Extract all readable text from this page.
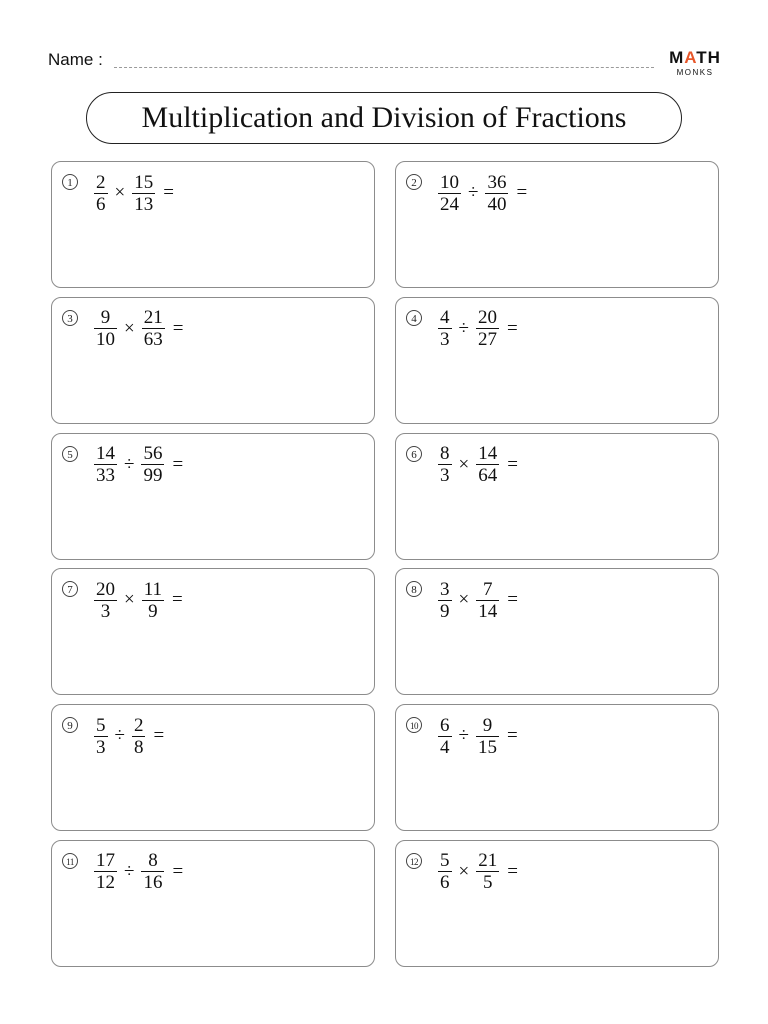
Name :	MATH
MONKS
Multiplication and Division of Fractions
$1 \frac{2}{6} \times \frac{15}{13}$ =	$2 \frac{10}{24} \div \frac{36}{40}$ =
$3 \frac{9}{10} \times \frac{21}{63}$ =	$4 \frac{4}{3} \div \frac{20}{27}$ =
$5 \frac{14}{33} \div \frac{56}{99}$ =	$6 \frac{8}{3} \times \frac{14}{64}$ =
$7 \frac{20}{3} \times \frac{11}{9}$ =	$8 \frac{3}{9} \times \frac{7}{14}$ =
$9 \frac{5}{3} \div \frac{2}{8}$ =	$10 \frac{6}{4} \div \frac{9}{15}$ =
$11 \frac{17}{12} \div \frac{8}{16}$ =	$12 \frac{5}{6} \times \frac{21}{5}$ =
